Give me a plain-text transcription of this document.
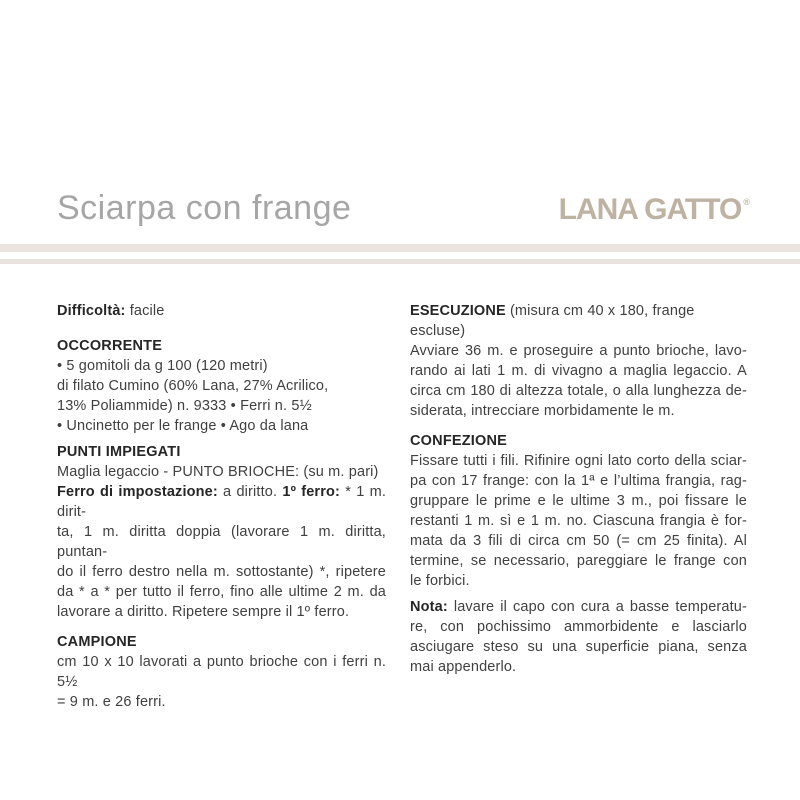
Sciarpa con frange	LANA GATTO ®
Difficoltà: facile
OCCORRENTE
• 5 gomitoli da g 100 (120 metri)
di filato Cumino (60% Lana, 27% Acrilico,
13% Poliammide) n. 9333 • Ferri n. 5½
• Uncinetto per le frange • Ago da lana
PUNTI IMPIEGATI
Maglia legaccio - PUNTO BRIOCHE: (su m. pari)
Ferro di impostazione: a diritto. 1º ferro: * 1 m. dirit-
ta, 1 m. diritta doppia (lavorare 1 m. diritta, puntan-
do il ferro destro nella m. sottostante) *, ripetere
da * a * per tutto il ferro, fino alle ultime 2 m. da
lavorare a diritto. Ripetere sempre il 1º ferro.
CAMPIONE
cm 10 x 10 lavorati a punto brioche con i ferri n. 5½
= 9 m. e 26 ferri.
ESECUZIONE (misura cm 40 x 180, frange escluse)
Avviare 36 m. e proseguire a punto brioche, lavo-
rando ai lati 1 m. di vivagno a maglia legaccio. A
circa cm 180 di altezza totale, o alla lunghezza de-
siderata, intrecciare morbidamente le m.
CONFEZIONE
Fissare tutti i fili. Rifinire ogni lato corto della sciar-
pa con 17 frange: con la 1ª e l’ultima frangia, rag-
gruppare le prime e le ultime 3 m., poi fissare le
restanti 1 m. sì e 1 m. no. Ciascuna frangia è for-
mata da 3 fili di circa cm 50 (= cm 25 finita). Al
termine, se necessario, pareggiare le frange con
le forbici.
Nota: lavare il capo con cura a basse temperatu-
re, con pochissimo ammorbidente e lasciarlo
asciugare steso su una superficie piana, senza
mai appenderlo.
